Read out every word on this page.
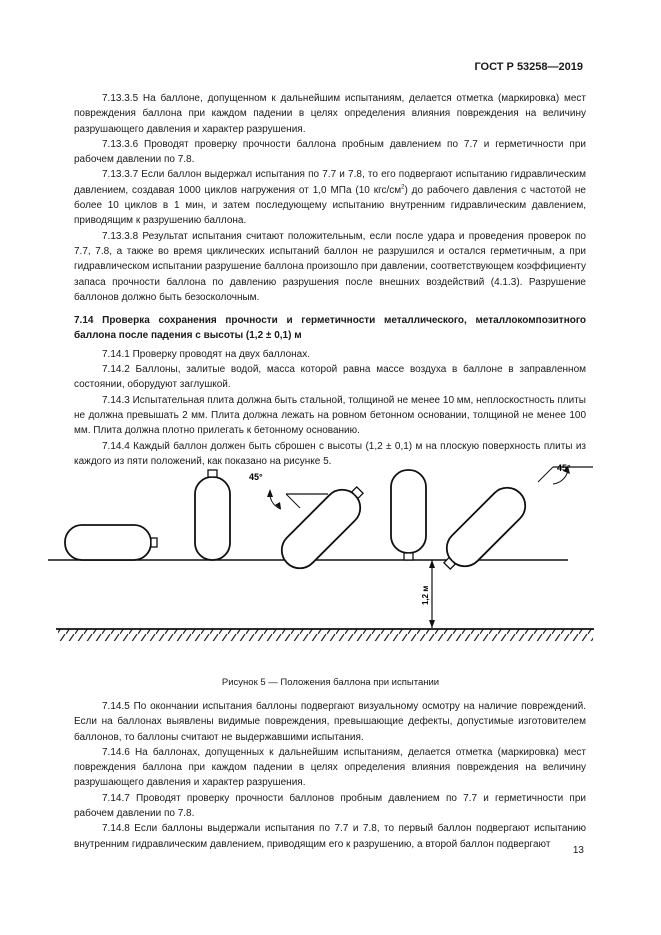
ГОСТ Р 53258—2019

7.13.3.5 На баллоне, допущенном к дальнейшим испытаниям, делается отметка (маркировка) мест повреждения баллона при каждом падении в целях определения влияния повреждения на величину разрушающего давления и характер разрушения.

7.13.3.6 Проводят проверку прочности баллона пробным давлением по 7.7 и герметичности при рабочем давлении по 7.8.

7.13.3.7 Если баллон выдержал испытания по 7.7 и 7.8, то его подвергают испытанию гидравлическим давлением, создавая 1000 циклов нагружения от 1,0 МПа (10 кгс/$см^2$) до рабочего давления с частотой не более 10 циклов в 1 мин, и затем последующему испытанию внутренним гидравлическим давлением, приводящим к разрушению баллона.

7.13.3.8 Результат испытания считают положительным, если после удара и проведения проверок по 7.7, 7.8, а также во время циклических испытаний баллон не разрушился и остался герметичным, а при гидравлическом испытании разрушение баллона произошло при давлении, соответствующем коэффициенту запаса прочности баллона по давлению разрушения после внешних воздействий (4.1.3). Разрушение баллонов должно быть безосколочным.

7.14 Проверка сохранения прочности и герметичности металлического, металлокомпозитного баллона после падения с высоты (1,2 ± 0,1) м

7.14.1 Проверку проводят на двух баллонах.

7.14.2 Баллоны, залитые водой, масса которой равна массе воздуха в баллоне в заправленном состоянии, оборудуют заглушкой.

7.14.3 Испытательная плита должна быть стальной, толщиной не менее 10 мм, неплоскостность плиты не должна превышать 2 мм. Плита должна лежать на ровном бетонном основании, толщиной не менее 100 мм. Плита должна плотно прилегать к бетонному основанию.

7.14.4 Каждый баллон должен быть сброшен с высоты (1,2 ± 0,1) м на плоскую поверхность плиты из каждого из пяти положений, как показано на рисунке 5.

45°
45°
1,2 м
Рисунок 5 — Положения баллона при испытании

7.14.5 По окончании испытания баллоны подвергают визуальному осмотру на наличие повреждений. Если на баллонах выявлены видимые повреждения, превышающие дефекты, допустимые изготовителем баллонов, то баллоны считают не выдержавшими испытания.

7.14.6 На баллонах, допущенных к дальнейшим испытаниям, делается отметка (маркировка) мест повреждения баллона при каждом падении в целях определения влияния повреждения на величину разрушающего давления и характер разрушения.

7.14.7 Проводят проверку прочности баллонов пробным давлением по 7.7 и герметичности при рабочем давлении по 7.8.

7.14.8 Если баллоны выдержали испытания по 7.7 и 7.8, то первый баллон подвергают испытанию внутренним гидравлическим давлением, приводящим его к разрушению, а второй баллон подвергают

13
